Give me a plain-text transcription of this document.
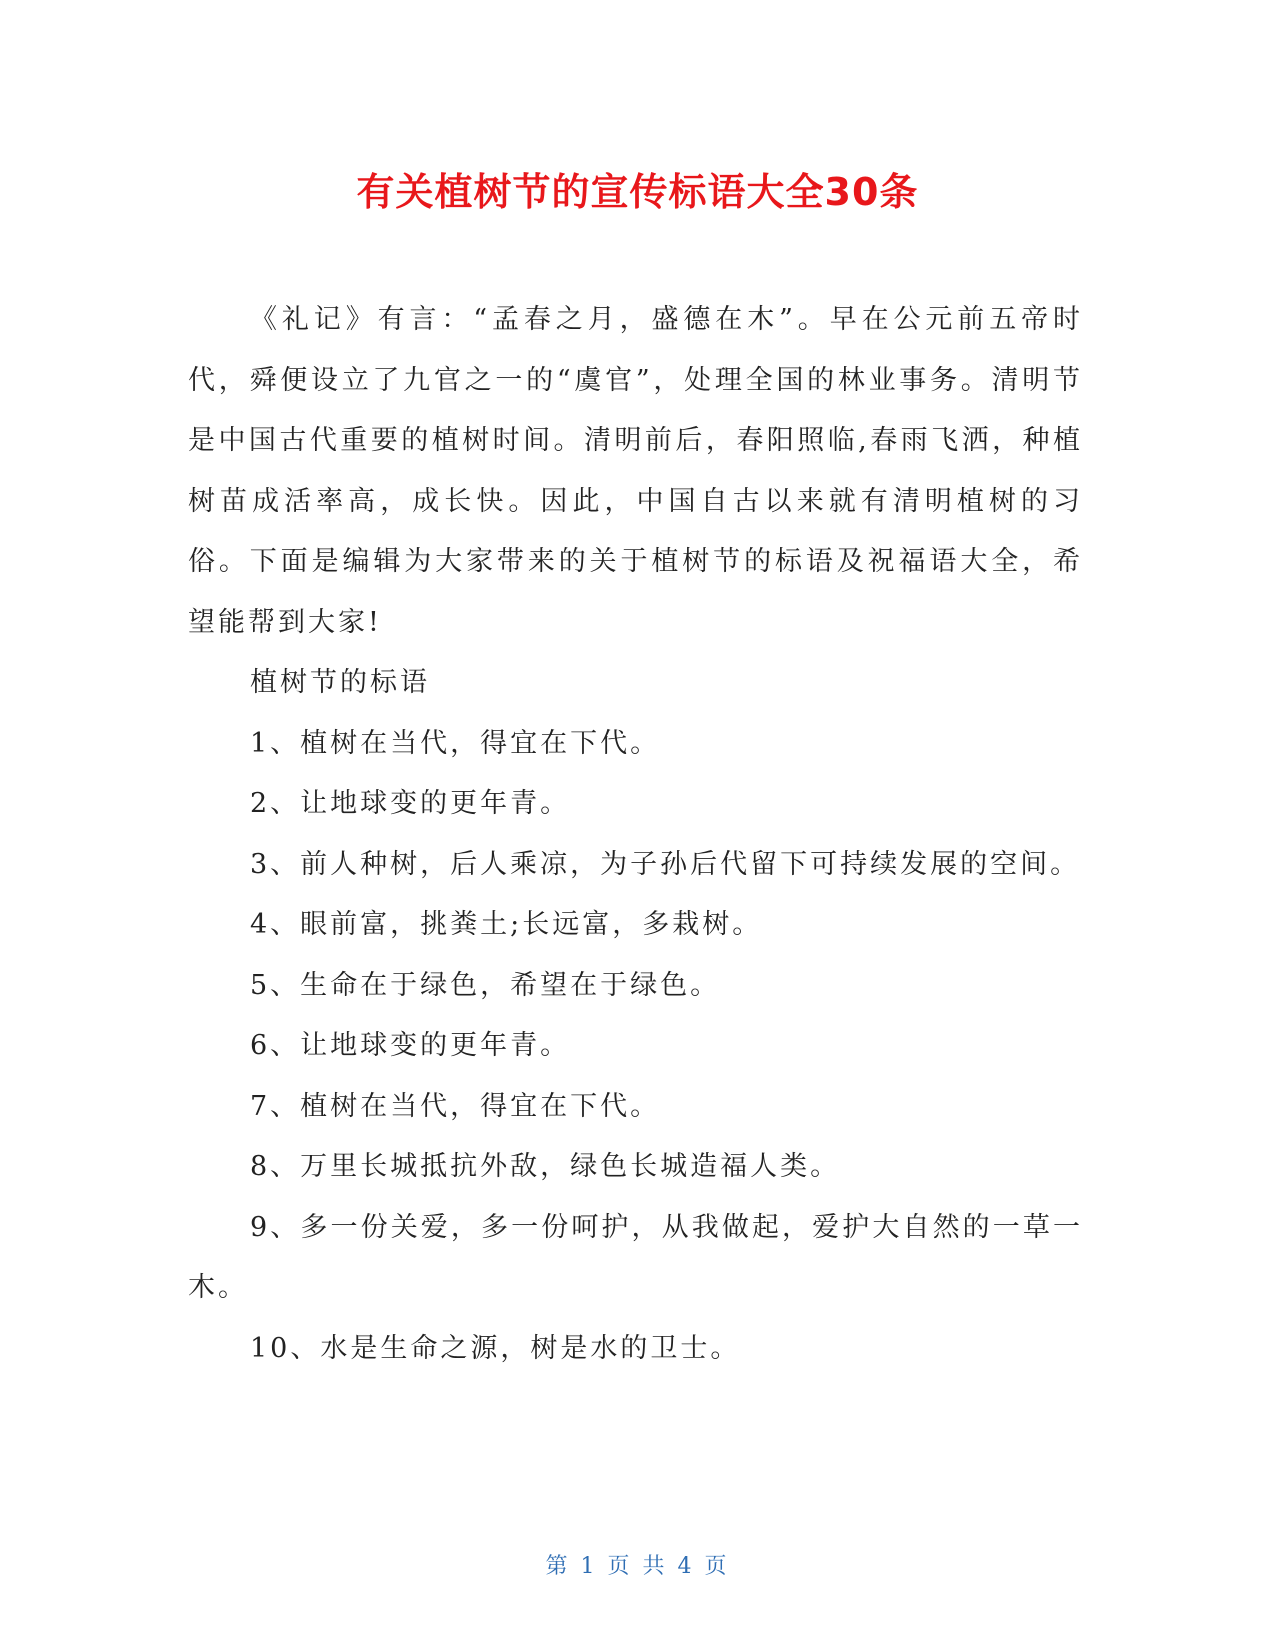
有关植树节的宣传标语大全30条

《礼记》有言：“孟春之月，盛德在木”。早在公元前五帝时代，舜便设立了九官之一的“虞官”，处理全国的林业事务。清明节是中国古代重要的植树时间。清明前后，春阳照临,春雨飞洒，种植树苗成活率高，成长快。因此，中国自古以来就有清明植树的习俗。下面是编辑为大家带来的关于植树节的标语及祝福语大全，希望能帮到大家!

植树节的标语

1、植树在当代，得宜在下代。

2、让地球变的更年青。

3、前人种树，后人乘凉，为子孙后代留下可持续发展的空间。

4、眼前富，挑粪土;长远富，多栽树。

5、生命在于绿色，希望在于绿色。

6、让地球变的更年青。

7、植树在当代，得宜在下代。

8、万里长城抵抗外敌，绿色长城造福人类。

9、多一份关爱，多一份呵护，从我做起，爱护大自然的一草一木。

10、水是生命之源，树是水的卫士。

第 1 页 共 4 页
